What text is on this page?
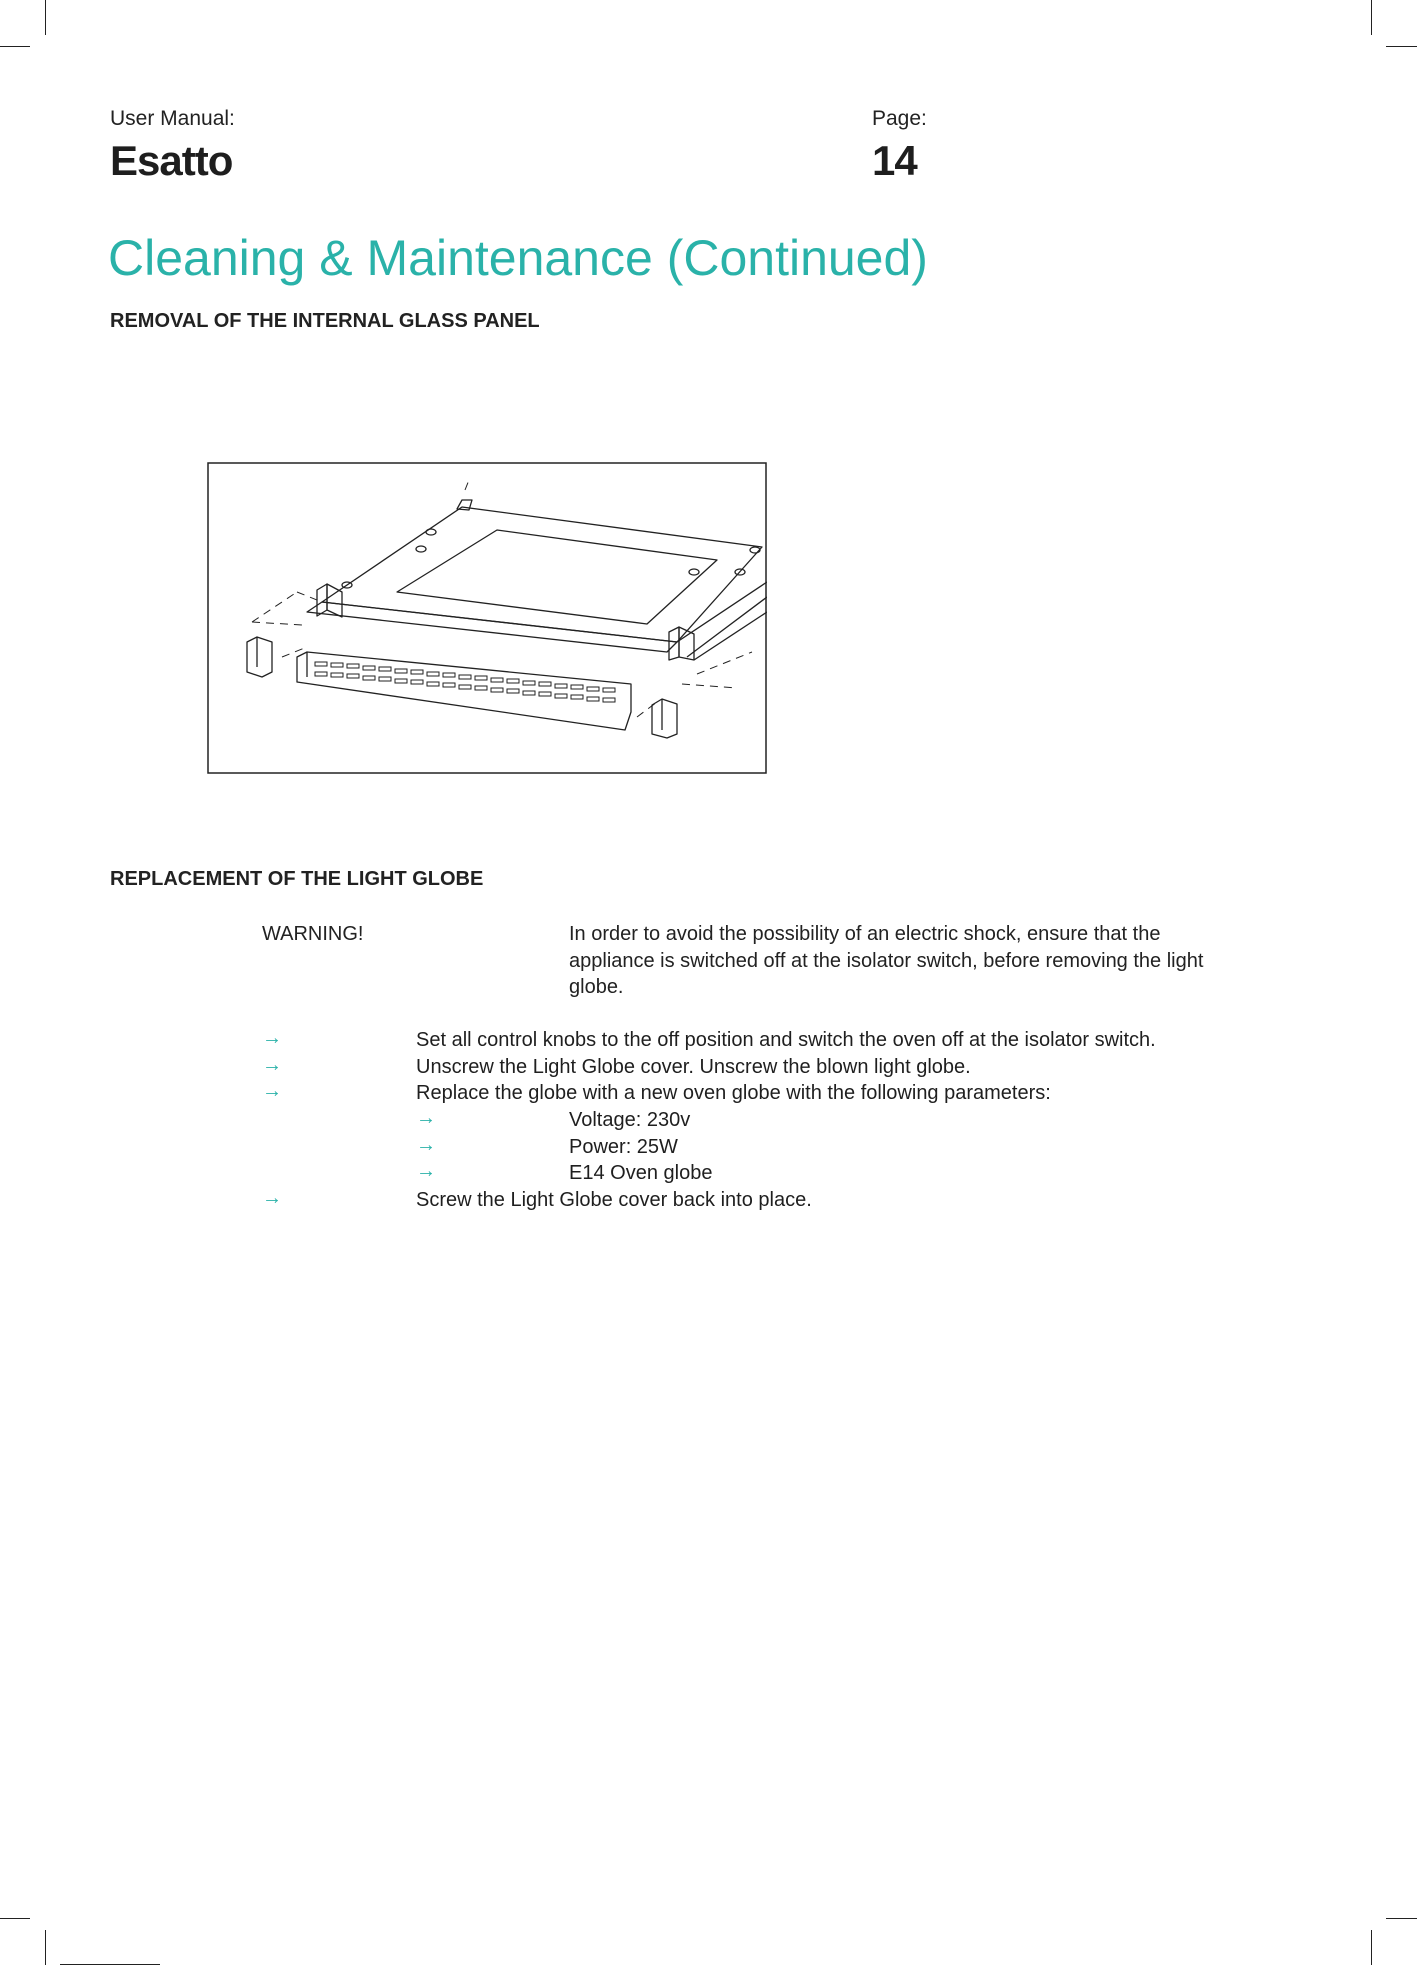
User Manual:
Esatto
Page:
14
Cleaning & Maintenance (Continued)
REMOVAL OF THE INTERNAL GLASS PANEL
REPLACEMENT OF THE LIGHT GLOBE
WARNING!	In order to avoid the possibility of an electric shock, ensure that the
appliance is switched off at the isolator switch, before removing the light
globe.
→	Set all control knobs to the off position and switch the oven off at the isolator switch.
→	Unscrew the Light Globe cover. Unscrew the blown light globe.
→	Replace the globe with a new oven globe with the following parameters:
→	Voltage: 230v
→	Power: 25W
→	E14 Oven globe
→	Screw the Light Globe cover back into place.
